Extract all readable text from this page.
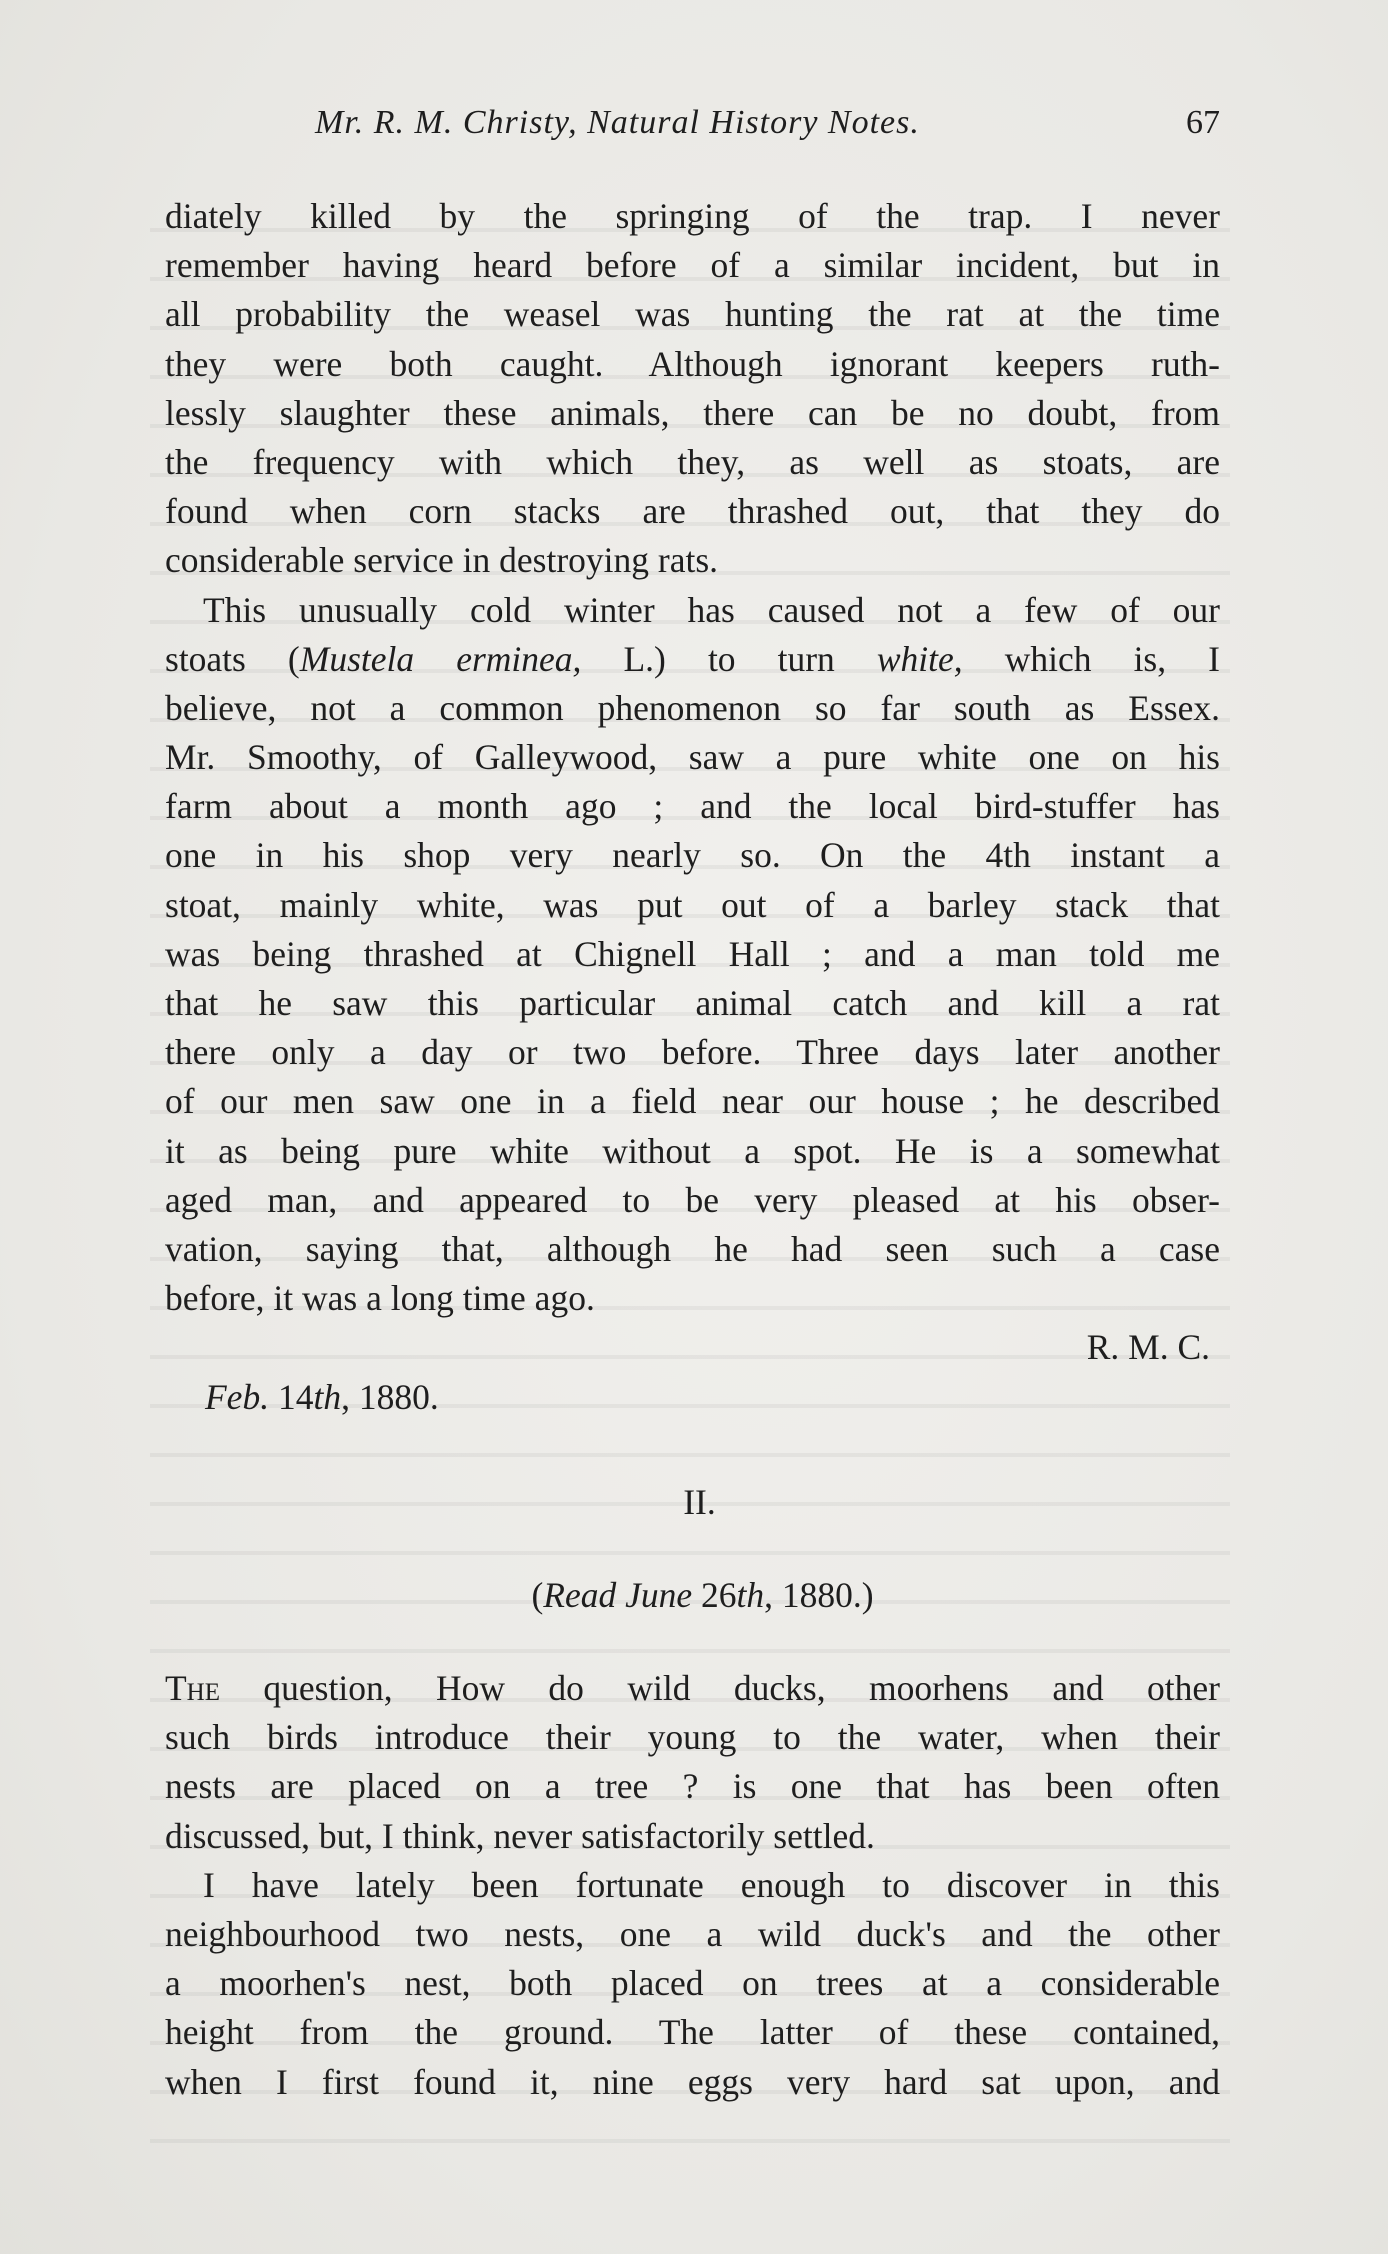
Mr. R. M. Christy, Natural History Notes.	67
diately killed by the springing of the trap. I never
remember having heard before of a similar incident, but in
all probability the weasel was hunting the rat at the time
they were both caught. Although ignorant keepers ruth-
lessly slaughter these animals, there can be no doubt, from
the frequency with which they, as well as stoats, are
found when corn stacks are thrashed out, that they do
considerable service in destroying rats.
This unusually cold winter has caused not a few of our
stoats (Mustela erminea, L.) to turn white, which is, I
believe, not a common phenomenon so far south as Essex.
Mr. Smoothy, of Galleywood, saw a pure white one on his
farm about a month ago ; and the local bird-stuffer has
one in his shop very nearly so. On the 4th instant a
stoat, mainly white, was put out of a barley stack that
was being thrashed at Chignell Hall ; and a man told me
that he saw this particular animal catch and kill a rat
there only a day or two before. Three days later another
of our men saw one in a field near our house ; he described
it as being pure white without a spot. He is a somewhat
aged man, and appeared to be very pleased at his obser-
vation, saying that, although he had seen such a case
before, it was a long time ago.
R. M. C.
Feb. 14th, 1880.
II.
(Read June 26th, 1880.)
The question, How do wild ducks, moorhens and other
such birds introduce their young to the water, when their
nests are placed on a tree ? is one that has been often
discussed, but, I think, never satisfactorily settled.
I have lately been fortunate enough to discover in this
neighbourhood two nests, one a wild duck's and the other
a moorhen's nest, both placed on trees at a considerable
height from the ground. The latter of these contained,
when I first found it, nine eggs very hard sat upon, and
